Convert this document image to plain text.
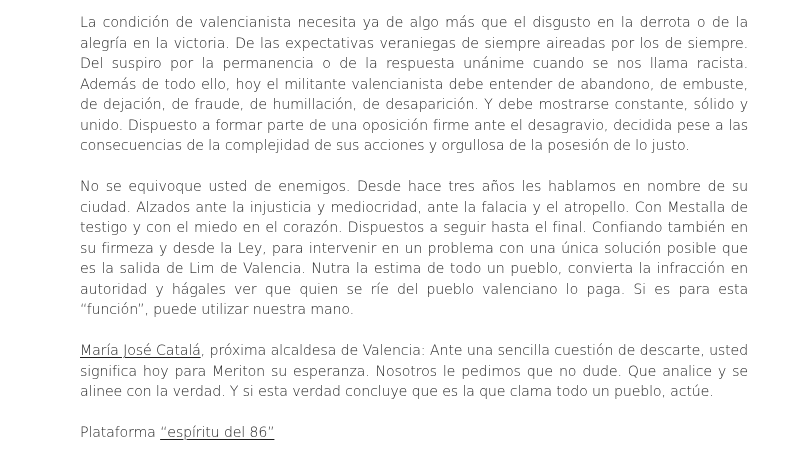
La condición de valencianista necesita ya de algo más que el disgusto en la derrota o de la alegría en la victoria. De las expectativas veraniegas de siempre aireadas por los de siempre. Del suspiro por la permanencia o de la respuesta unánime cuando se nos llama racista. Además de todo ello, hoy el militante valencianista debe entender de abandono, de embuste, de dejación, de fraude, de humillación, de desaparición. Y debe mostrarse constante, sólido y unido. Dispuesto a formar parte de una oposición firme ante el desagravio, decidida pese a las consecuencias de la complejidad de sus acciones y orgullosa de la posesión de lo justo.

No se equivoque usted de enemigos. Desde hace tres años les hablamos en nombre de su ciudad. Alzados ante la injusticia y mediocridad, ante la falacia y el atropello. Con Mestalla de testigo y con el miedo en el corazón. Dispuestos a seguir hasta el final. Confiando también en su firmeza y desde la Ley, para intervenir en un problema con una única solución posible que es la salida de Lim de Valencia. Nutra la estima de todo un pueblo, convierta la infracción en autoridad y hágales ver que quien se ríe del pueblo valenciano lo paga. Si es para esta “función”, puede utilizar nuestra mano.

María José Catalá, próxima alcaldesa de Valencia: Ante una sencilla cuestión de descarte, usted significa hoy para Meriton su esperanza. Nosotros le pedimos que no dude. Que analice y se alinee con la verdad. Y si esta verdad concluye que es la que clama todo un pueblo, actúe.

Plataforma “espíritu del 86”
